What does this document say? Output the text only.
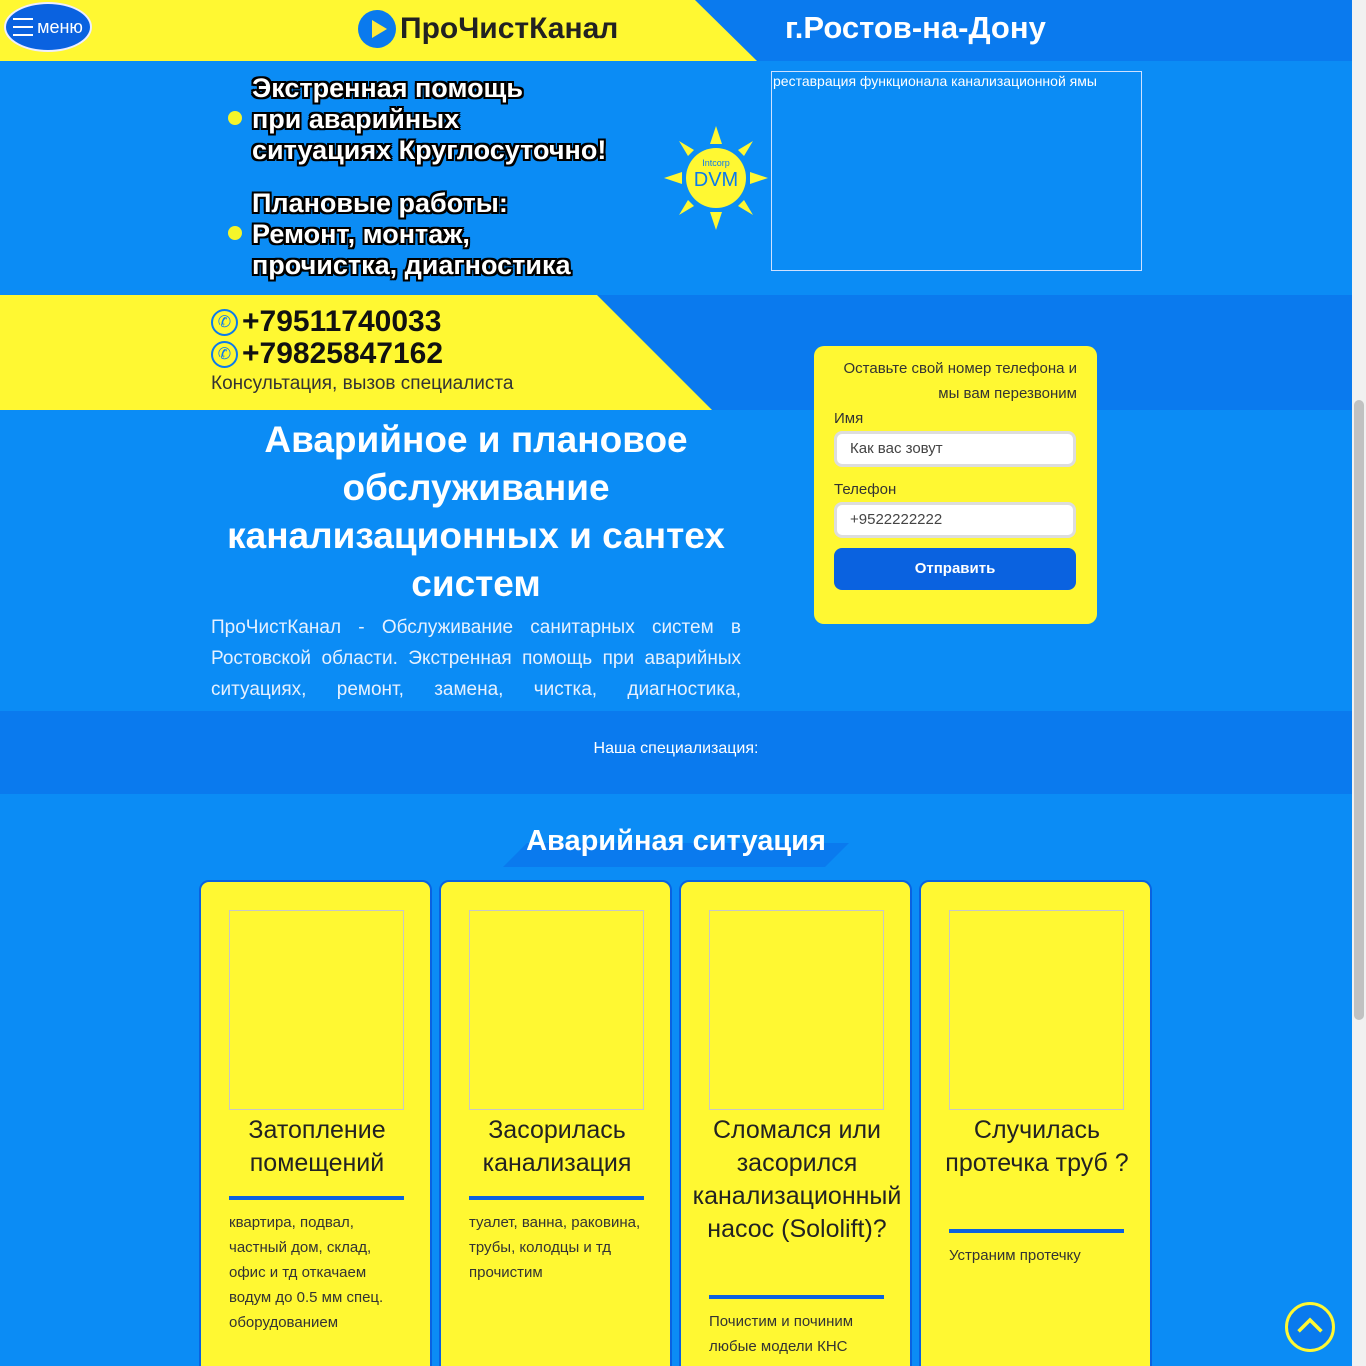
меню	ПроЧистКанал	г.Ростов-на-Дону
Экстренная помощь
при аварийных
ситуациях Круглосуточно!
Плановые работы:
Ремонт, монтаж,
прочистка, диагностика
Intcorp
DVM
реставрация функционала канализационной ямы
✆ +79511740033
✆ +79825847162
Консультация, вызов специалиста
Аварийное и плановое обслуживание канализационных и сантех систем

ПроЧистКанал - Обслуживание санитарных систем в Ростовской области. Экстренная помощь при аварийных ситуациях, ремонт, замена, чистка, диагностика,

Оставьте свой номер телефона и мы вам перезвоним
Имя
Как вас зовут
Телефон
+9522222222
Отправить
Наша специализация:
Аварийная ситуация
Затопление помещений
квартира, подвал, частный дом, склад, офис и тд откачаем водум до 0.5 мм спец. оборудованием
Засорилась канализация
туалет, ванна, раковина, трубы, колодцы и тд прочистим
Сломался или засорился канализационный насос (Sololift)?
Почистим и починим любые модели КНС
Случилась протечка труб ?
Устраним протечку
